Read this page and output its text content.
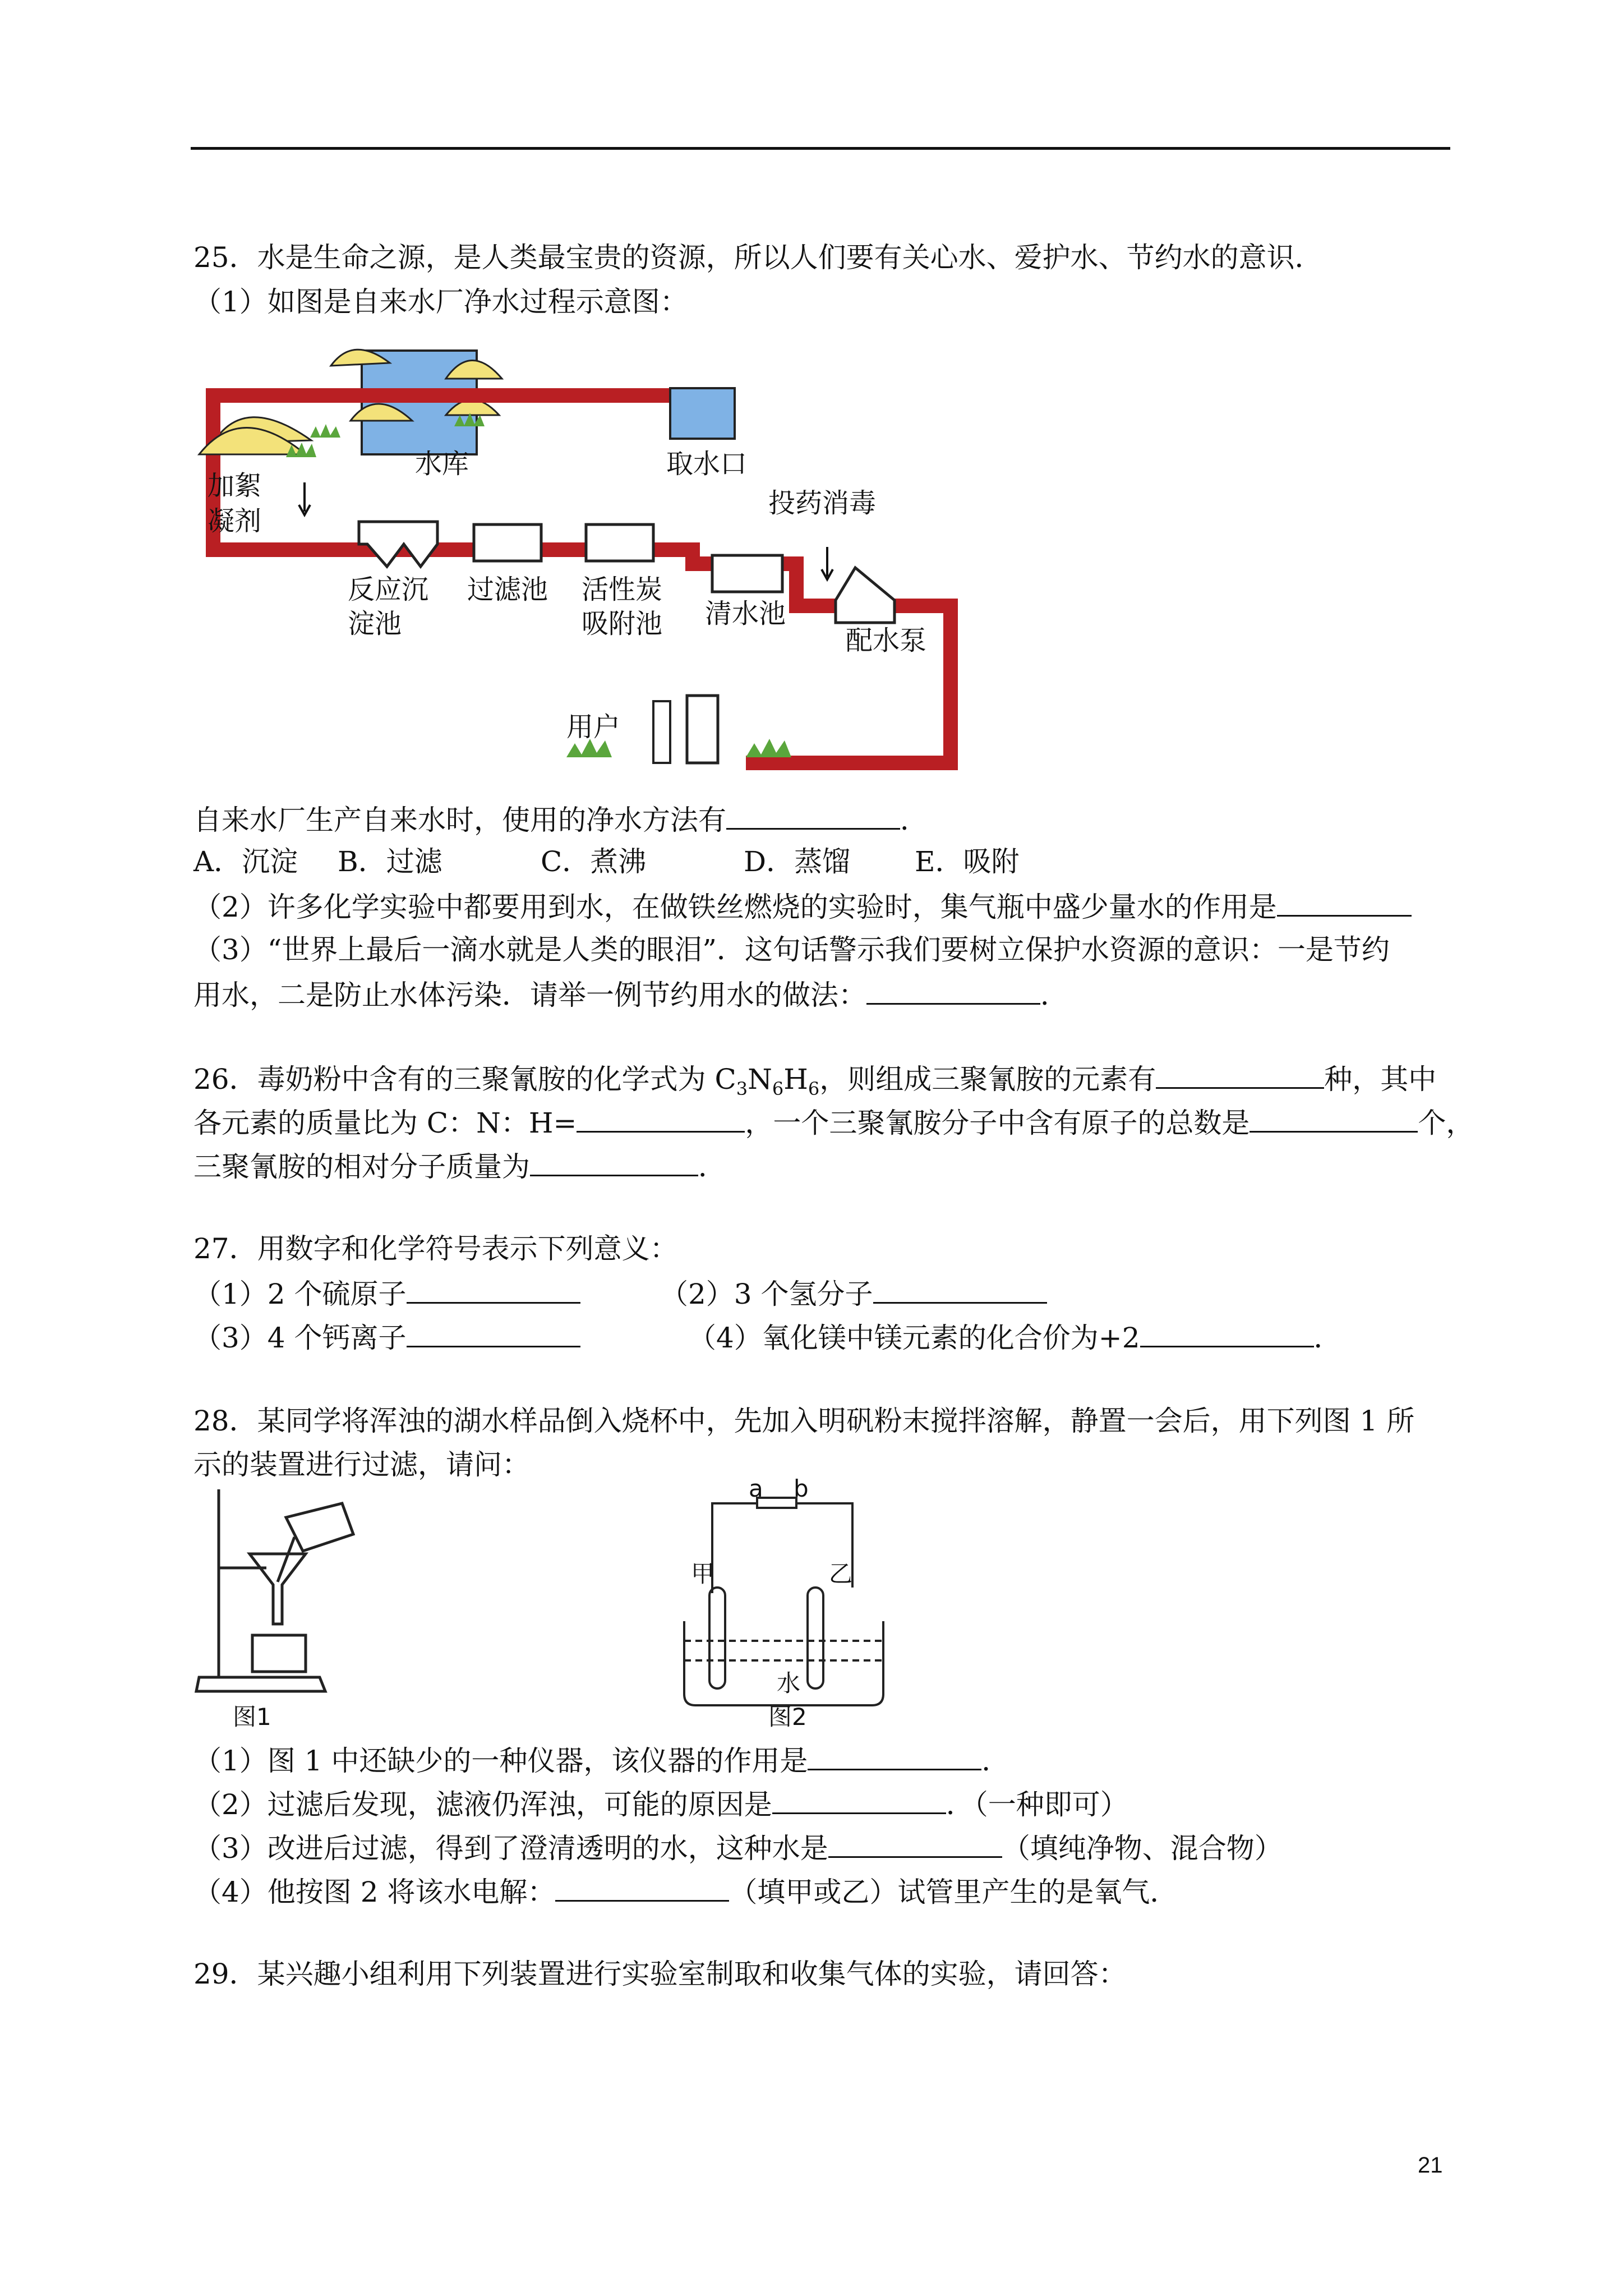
25．水是生命之源，是人类最宝贵的资源，所以人们要有关心水、爱护水、节约水的意识．
（1）如图是自来水厂净水过程示意图：
加絮
凝剂
取水口
水库
投药消毒
反应沉
淀池
过滤池 活性炭
吸附池 清水池
配水泵
用户
自来水厂生产自来水时，使用的净水方法有	．
A．沉淀 B．过滤	C．煮沸	D．蒸馏 E．吸附
（2）许多化学实验中都要用到水，在做铁丝燃烧的实验时，集气瓶中盛少量水的作用是
（3）“世界上最后一滴水就是人类的眼泪”．这句话警示我们要树立保护水资源的意识：一是节约
用水，二是防止水体污染．请举一例节约用水的做法：	．
26．毒奶粉中含有的三聚氰胺的化学式为 $C_3N_6H_6$，则组成三聚氰胺的元素有	种，其中
各元素的质量比为 C：N：H=	，一个三聚氰胺分子中含有原子的总数是	个，
三聚氰胺的相对分子质量为	．
27．用数字和化学符号表示下列意义：
（1）2 个硫原子	（2）3 个氢分子
（3）4 个钙离子	（4）氧化镁中镁元素的化合价为+2	．
28．某同学将浑浊的湖水样品倒入烧杯中，先加入明矾粉末搅拌溶解，静置一会后，用下列图 1 所
示的装置进行过滤，请问：
图1
a b
甲	乙
水
图2
（1）图 1 中还缺少的一种仪器，该仪器的作用是	．
（2）过滤后发现，滤液仍浑浊，可能的原因是	．（一种即可）
（3）改进后过滤，得到了澄清透明的水，这种水是	（填纯净物、混合物）
（4）他按图 2 将该水电解：	（填甲或乙）试管里产生的是氧气．
29．某兴趣小组利用下列装置进行实验室制取和收集气体的实验，请回答：
21
